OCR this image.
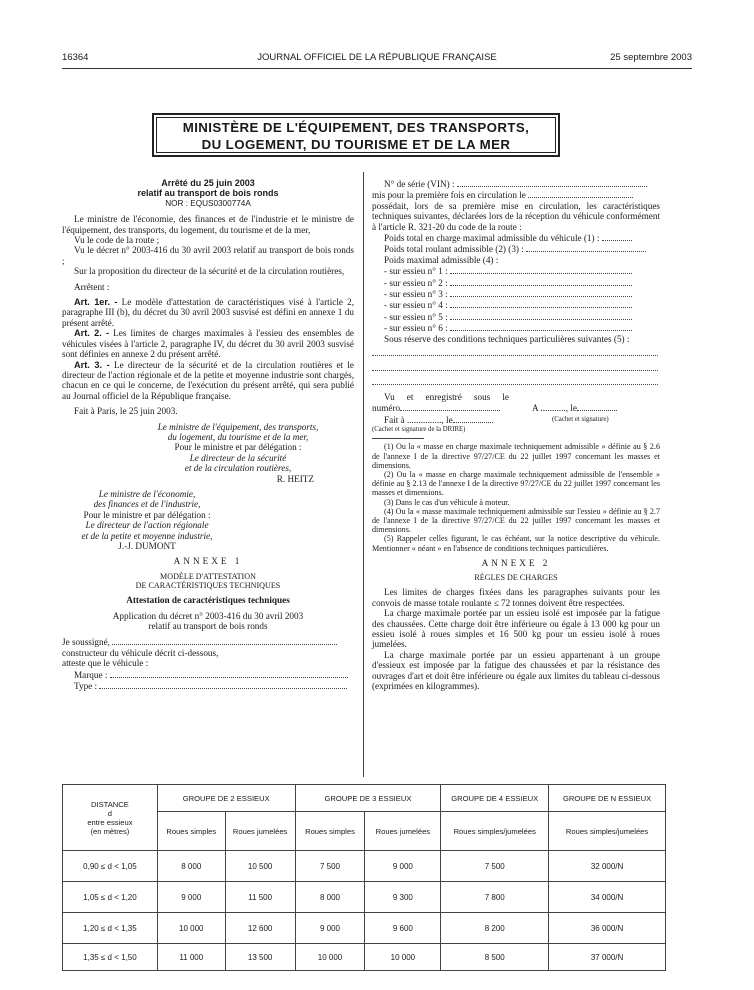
16364	JOURNAL OFFICIEL DE LA RÉPUBLIQUE FRANÇAISE	25 septembre 2003
MINISTÈRE DE L'ÉQUIPEMENT, DES TRANSPORTS,
DU LOGEMENT, DU TOURISME ET DE LA MER

Arrêté du 25 juin 2003

relatif au transport de bois ronds

NOR : EQUS0300774A

Le ministre de l'économie, des finances et de l'industrie et le ministre de l'équipement, des transports, du logement, du tourisme et de la mer,

Vu le code de la route ;

Vu le décret n° 2003-416 du 30 avril 2003 relatif au transport de bois ronds ;

Sur la proposition du directeur de la sécurité et de la circulation routières,

Arrêtent :

Art. 1er. - Le modèle d'attestation de caractéristiques visé à l'article 2, paragraphe III (b), du décret du 30 avril 2003 susvisé est défini en annexe 1 du présent arrêté.

Art. 2. - Les limites de charges maximales à l'essieu des ensembles de véhicules visées à l'article 2, paragraphe IV, du décret du 30 avril 2003 susvisé sont définies en annexe 2 du présent arrêté.

Art. 3. - Le directeur de la sécurité et de la circulation routières et le directeur de l'action régionale et de la petite et moyenne industrie sont chargés, chacun en ce qui le concerne, de l'exécution du présent arrêté, qui sera publié au Journal officiel de la République française.

Fait à Paris, le 25 juin 2003.

Le ministre de l'équipement, des transports,

du logement, du tourisme et de la mer,

Pour le ministre et par délégation :

Le directeur de la sécurité

et de la circulation routières,

R. HEITZ

Le ministre de l'économie,

des finances et de l'industrie,

Pour le ministre et par délégation :

Le directeur de l'action régionale

et de la petite et moyenne industrie,

J.-J. DUMONT

ANNEXE 1

MODÈLE D'ATTESTATION

DE CARACTÉRISTIQUES TECHNIQUES

Attestation de caractéristiques techniques

Application du décret n° 2003-416 du 30 avril 2003

relatif au transport de bois ronds

Je soussigné,

constructeur du véhicule décrit ci-dessous,

atteste que le véhicule :

Marque :

Type :

N° de série (VIN) :

mis pour la première fois en circulation le

possédait, lors de sa première mise en circulation, les caractéristiques techniques suivantes, déclarées lors de la réception du véhicule conformément à l'article R. 321-20 du code de la route :

Poids total en charge maximal admissible du véhicule (1) :

Poids total roulant admissible (2) (3) :

Poids maximal admissible (4) :

- sur essieu n° 1 :

- sur essieu n° 2 :

- sur essieu n° 3 :

- sur essieu n° 4 :

- sur essieu n° 5 :

- sur essieu n° 6 :

Sous réserve des conditions techniques particulières suivantes (5) :

Vu et enregistré sous le

numéro	A ..........., le

Fait à ..............., le	(Cachet et signature)

(Cachet et signature de la DRIRE)

(1) Ou la « masse en charge maximale techniquement admissible » définie au § 2.6 de l'annexe I de la directive 97/27/CE du 22 juillet 1997 concernant les masses et dimensions.

(2) Ou la « masse en charge maximale techniquement admissible de l'ensemble » définie au § 2.13 de l'annexe I de la directive 97/27/CE du 22 juillet 1997 concernant les masses et dimensions.

(3) Dans le cas d'un véhicule à moteur.

(4) Ou la « masse maximale techniquement admissible sur l'essieu » définie au § 2.7 de l'annexe I de la directive 97/27/CE du 22 juillet 1997 concernant les masses et dimensions.

(5) Rappeler celles figurant, le cas échéant, sur la notice descriptive du véhicule. Mentionner « néant » en l'absence de conditions techniques particulières.

ANNEXE 2

RÈGLES DE CHARGES

Les limites de charges fixées dans les paragraphes suivants pour les convois de masse totale roulante ≤ 72 tonnes doivent être respectées.

La charge maximale portée par un essieu isolé est imposée par la fatigue des chaussées. Cette charge doit être inférieure ou égale à 13 000 kg pour un essieu isolé à roues simples et 16 500 kg pour un essieu isolé à roues jumelées.

La charge maximale portée par un essieu appartenant à un groupe d'essieux est imposée par la fatigue des chaussées et par la résistance des ouvrages d'art et doit être inférieure ou égale aux limites du tableau ci-dessous (exprimées en kilogrammes).

DISTANCE
d
entre essieux
(en mètres)	GROUPE DE 2 ESSIEUX		GROUPE DE 3 ESSIEUX		GROUPE DE 4 ESSIEUX	GROUPE DE N ESSIEUX
	Roues simples	Roues jumelées	Roues simples	Roues jumelées	Roues simples/jumelées	Roues simples/jumelées
0,90 ≤ d < 1,05	8 000	10 500	7 500	9 000	7 500	32 000/N
1,05 ≤ d < 1,20	9 000	11 500	8 000	9 300	7 800	34 000/N
1,20 ≤ d < 1,35	10 000	12 600	9 000	9 600	8 200	36 000/N
1,35 ≤ d < 1,50	11 000	13 500	10 000	10 000	8 500	37 000/N
